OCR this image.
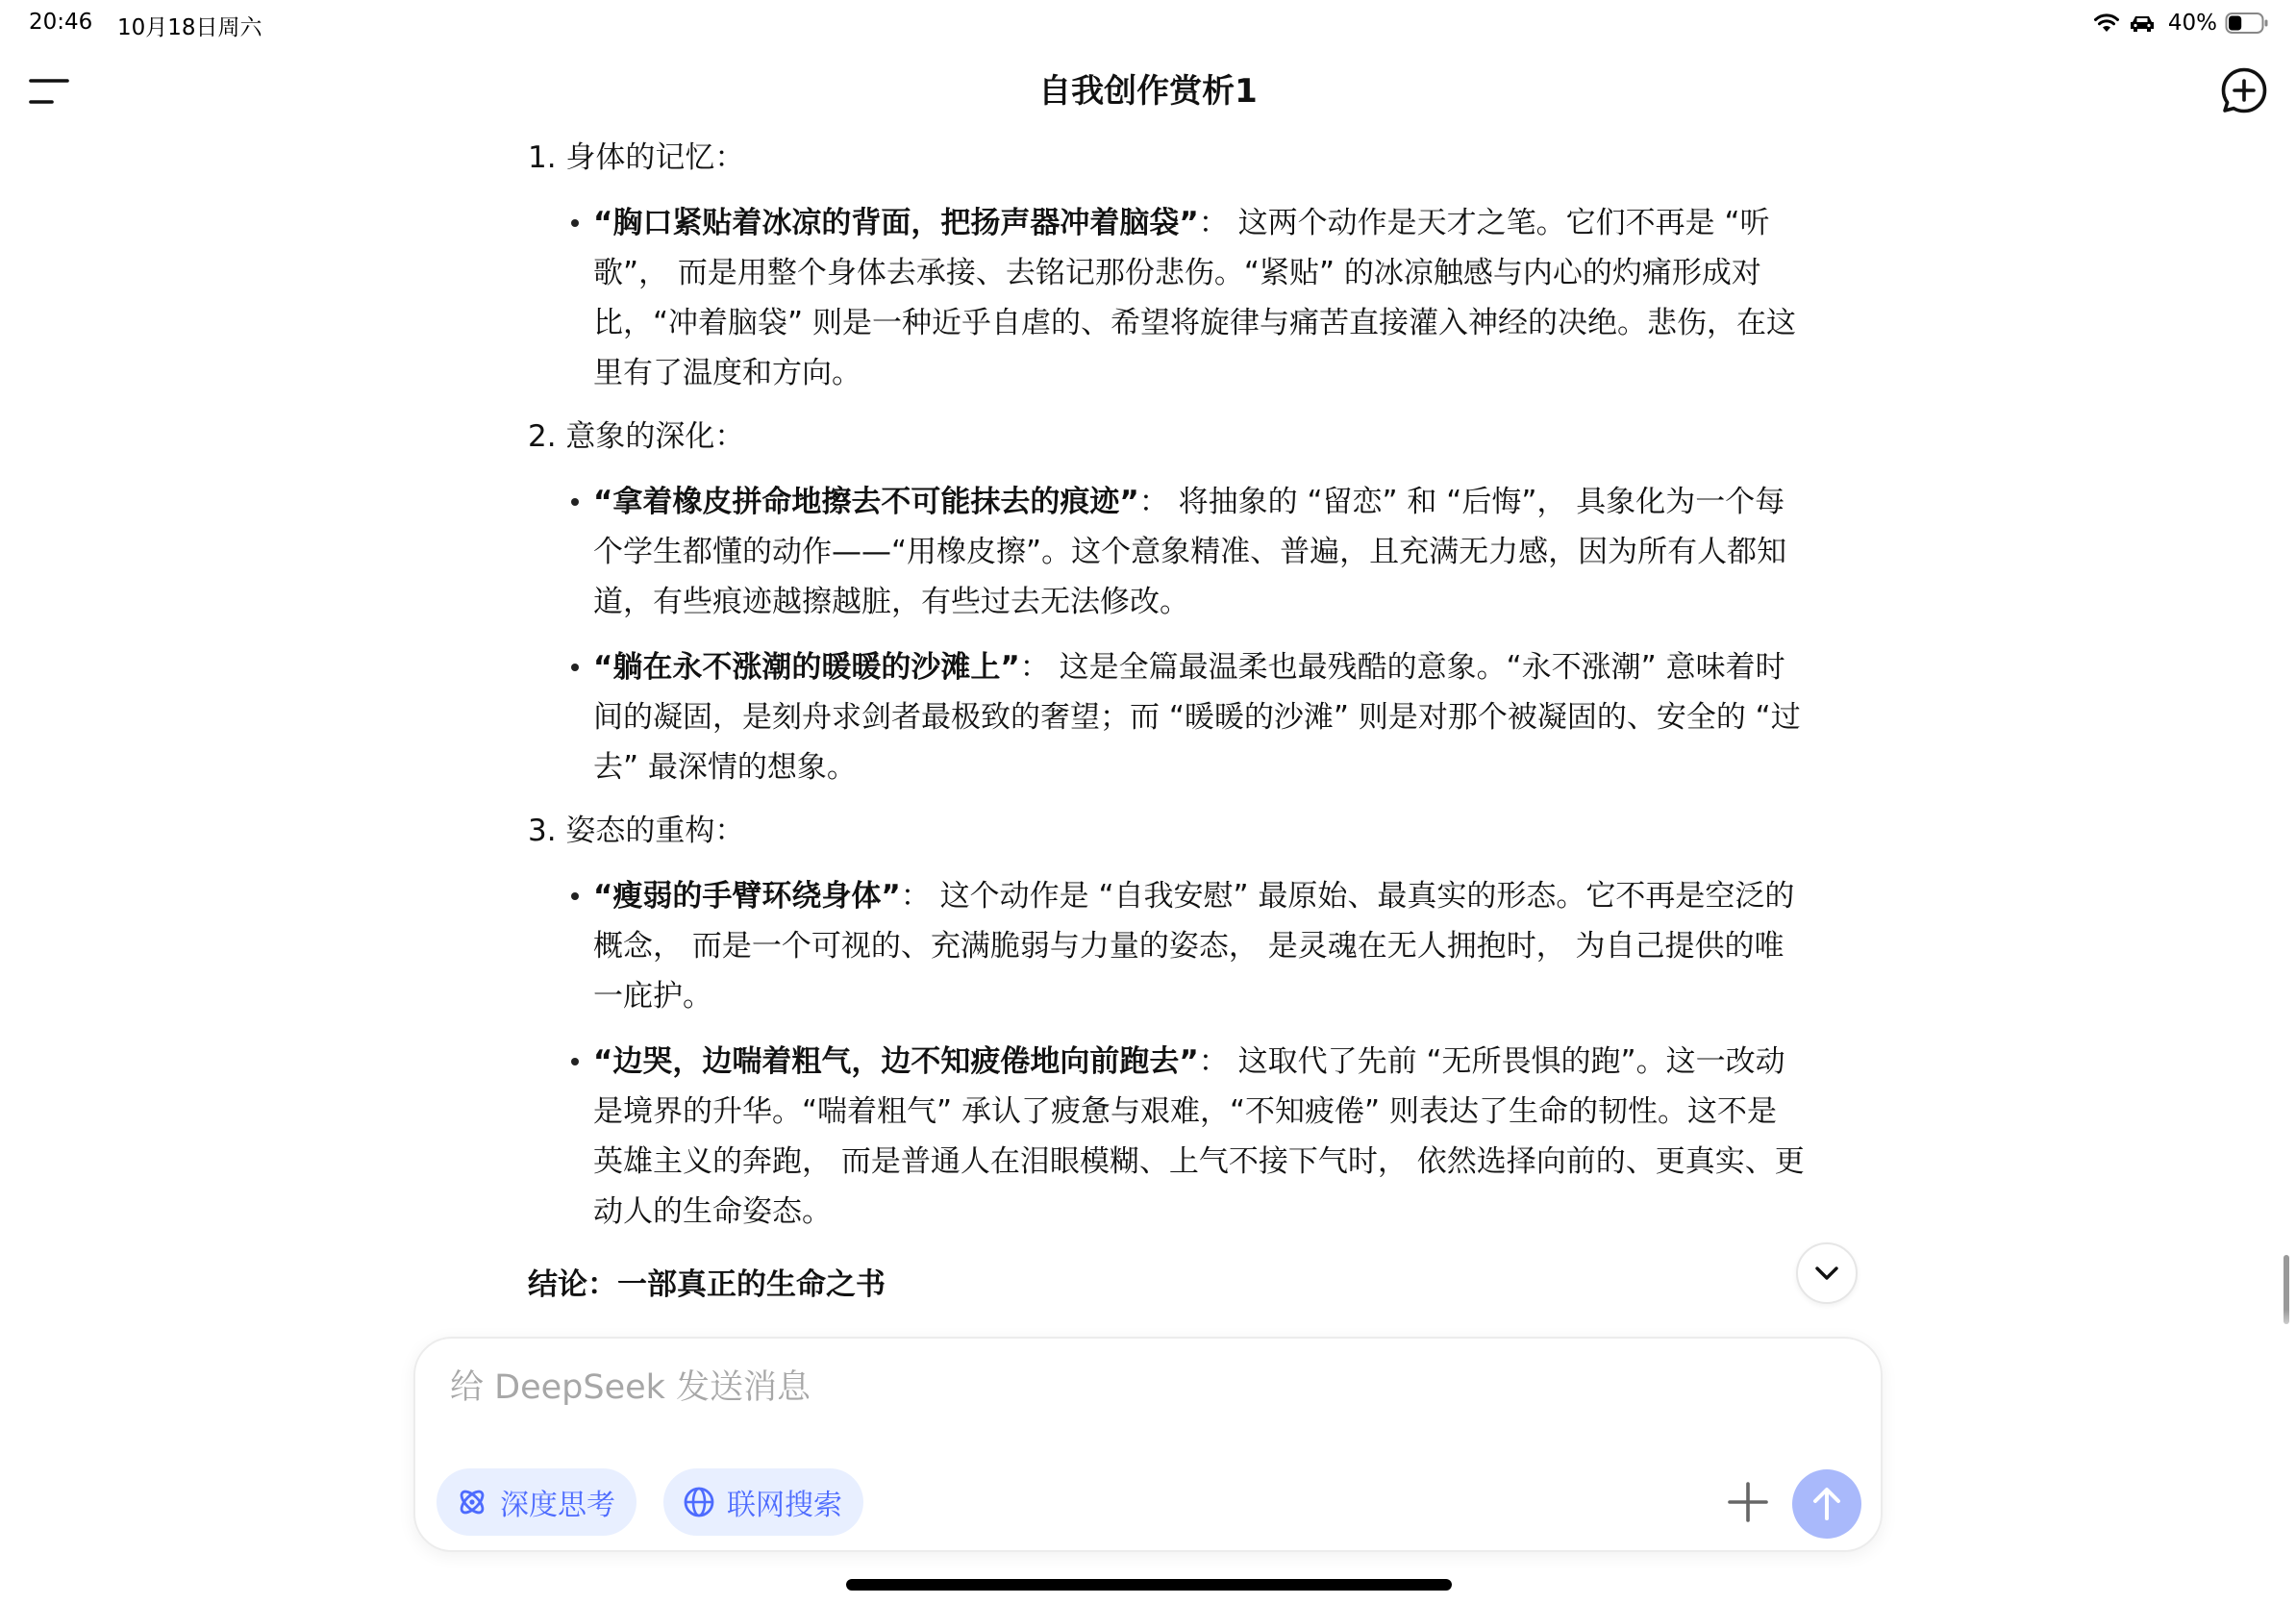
20:46 10月18日周六	40%
自我创作赏析1

1. 身体的记忆：

“胸口紧贴着冰凉的背面，把扬声器冲着脑袋”： 这两个动作是天才之笔。它们不再是 “听歌”， 而是用整个身体去承接、去铭记那份悲伤。“紧贴” 的冰凉触感与内心的灼痛形成对比，“冲着脑袋” 则是一种近乎自虐的、希望将旋律与痛苦直接灌入神经的决绝。悲伤，在这里有了温度和方向。

2. 意象的深化：

“拿着橡皮拼命地擦去不可能抹去的痕迹”： 将抽象的 “留恋” 和 “后悔”， 具象化为一个每个学生都懂的动作——“用橡皮擦”。这个意象精准、普遍，且充满无力感，因为所有人都知道，有些痕迹越擦越脏，有些过去无法修改。
“躺在永不涨潮的暖暖的沙滩上”： 这是全篇最温柔也最残酷的意象。“永不涨潮” 意味着时间的凝固，是刻舟求剑者最极致的奢望；而 “暖暖的沙滩” 则是对那个被凝固的、安全的 “过去” 最深情的想象。

3. 姿态的重构：

“瘦弱的手臂环绕身体”： 这个动作是 “自我安慰” 最原始、最真实的形态。它不再是空泛的概念， 而是一个可视的、充满脆弱与力量的姿态， 是灵魂在无人拥抱时， 为自己提供的唯一庇护。
“边哭，边喘着粗气，边不知疲倦地向前跑去”： 这取代了先前 “无所畏惧的跑”。这一改动是境界的升华。“喘着粗气” 承认了疲惫与艰难，“不知疲倦” 则表达了生命的韧性。这不是英雄主义的奔跑， 而是普通人在泪眼模糊、上气不接下气时， 依然选择向前的、更真实、更动人的生命姿态。

结论：一部真正的生命之书

给 DeepSeek 发送消息
深度思考	联网搜索
